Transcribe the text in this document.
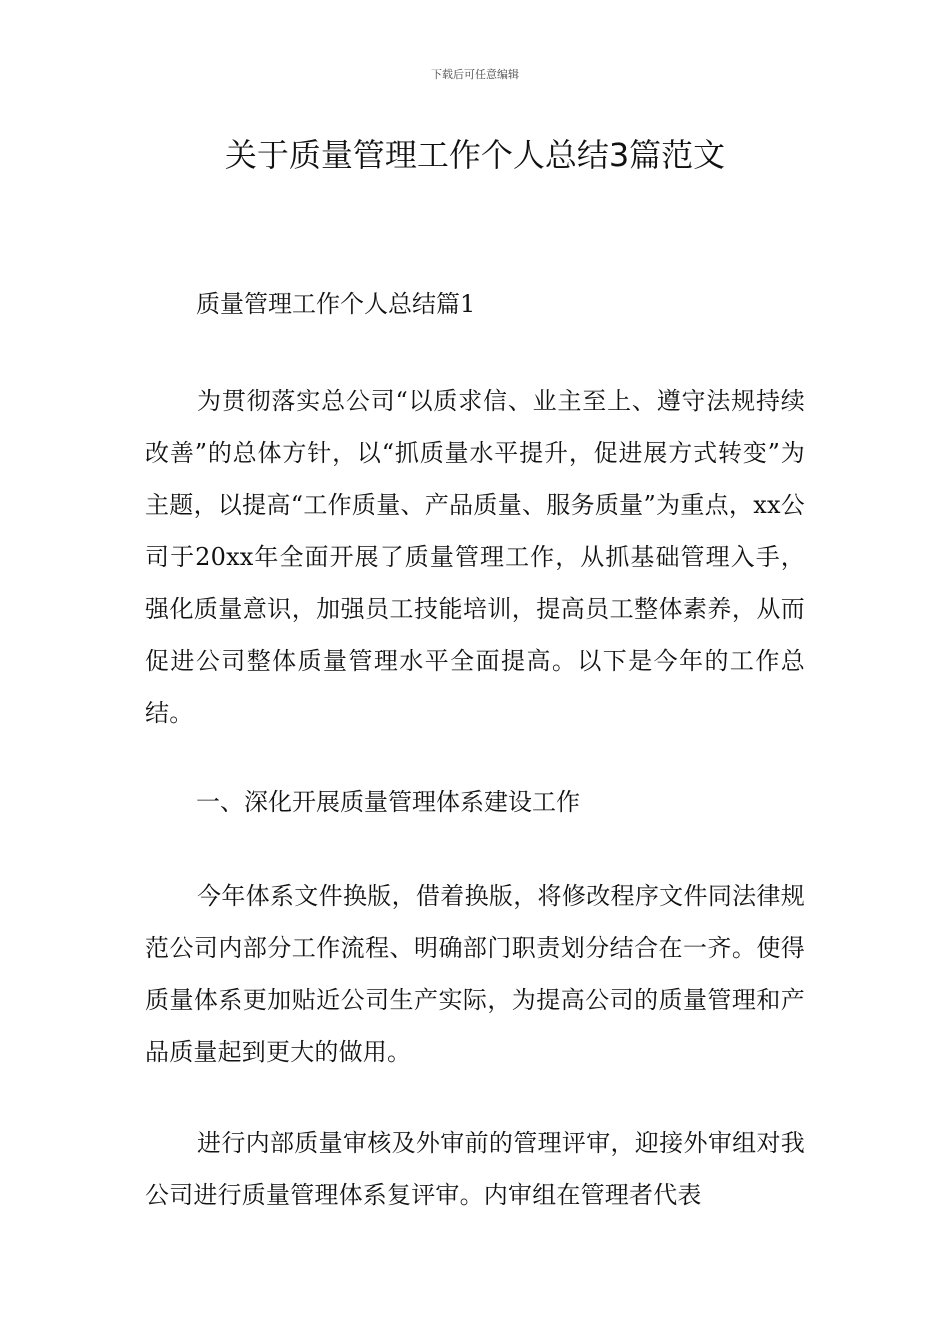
下载后可任意编辑
关于质量管理工作个人总结3篇范文
质量管理工作个人总结篇1

为贯彻落实总公司“以质求信、业主至上、遵守法规持续改善”的总体方针，以“抓质量水平提升，促进展方式转变”为主题，以提高“工作质量、产品质量、服务质量”为重点，xx公司于20xx年全面开展了质量管理工作，从抓基础管理入手，强化质量意识，加强员工技能培训，提高员工整体素养，从而促进公司整体质量管理水平全面提高。以下是今年的工作总结。

一、深化开展质量管理体系建设工作

今年体系文件换版，借着换版，将修改程序文件同法律规范公司内部分工作流程、明确部门职责划分结合在一齐。使得质量体系更加贴近公司生产实际，为提高公司的质量管理和产品质量起到更大的做用。

进行内部质量审核及外审前的管理评审，迎接外审组对我公司进行质量管理体系复评审。内审组在管理者代表
